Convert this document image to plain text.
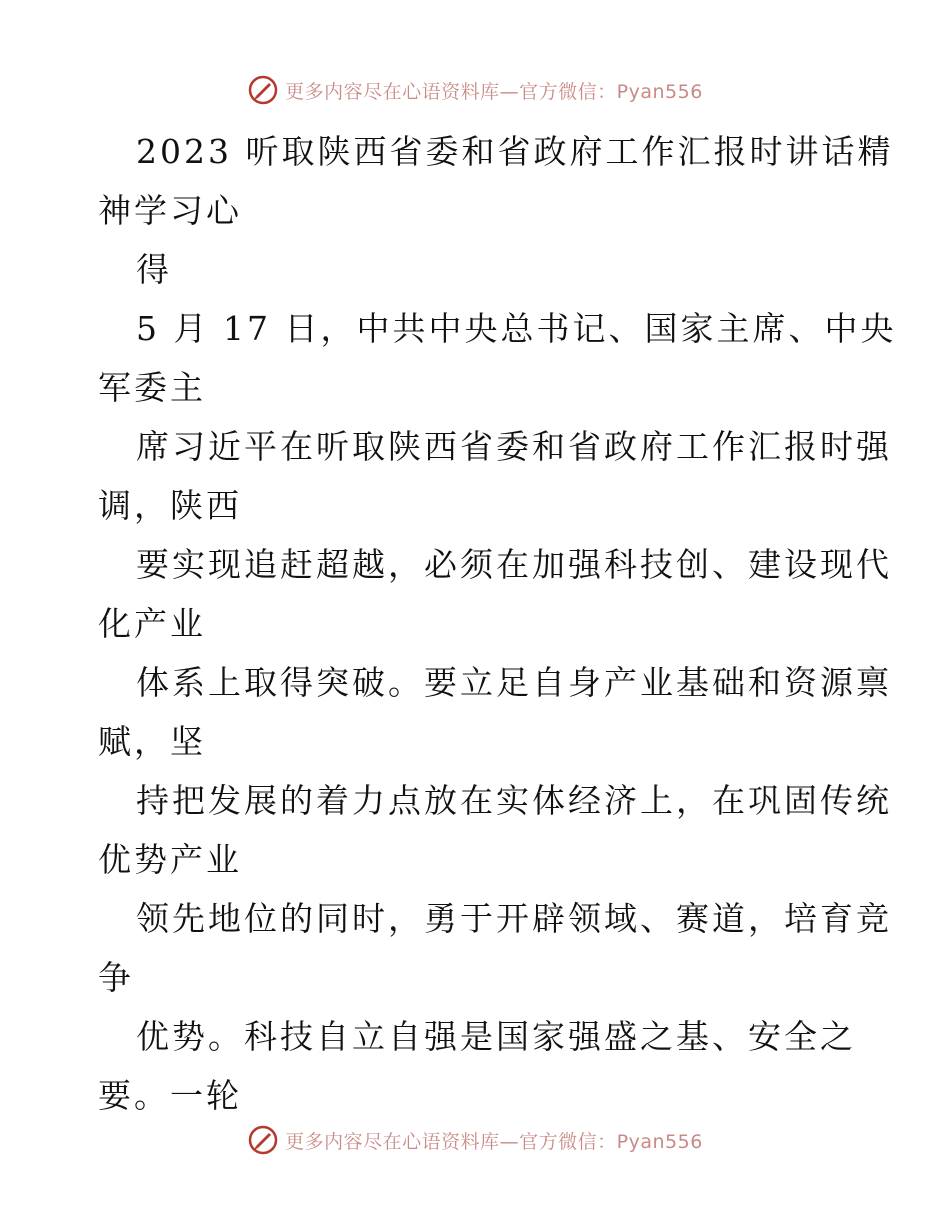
更多内容尽在心语资料库—官方微信：Pyan556
2023 听取陕西省委和省政府工作汇报时讲话精
神学习心
得
5 月 17 日，中共中央总书记、国家主席、中央
军委主
席习近平在听取陕西省委和省政府工作汇报时强
调，陕西
要实现追赶超越，必须在加强科技创、建设现代
化产业
体系上取得突破。要立足自身产业基础和资源禀
赋，坚
持把发展的着力点放在实体经济上，在巩固传统
优势产业
领先地位的同时，勇于开辟领域、赛道，培育竞
争
优势。科技自立自强是国家强盛之基、安全之
要。一轮
更多内容尽在心语资料库—官方微信：Pyan556
